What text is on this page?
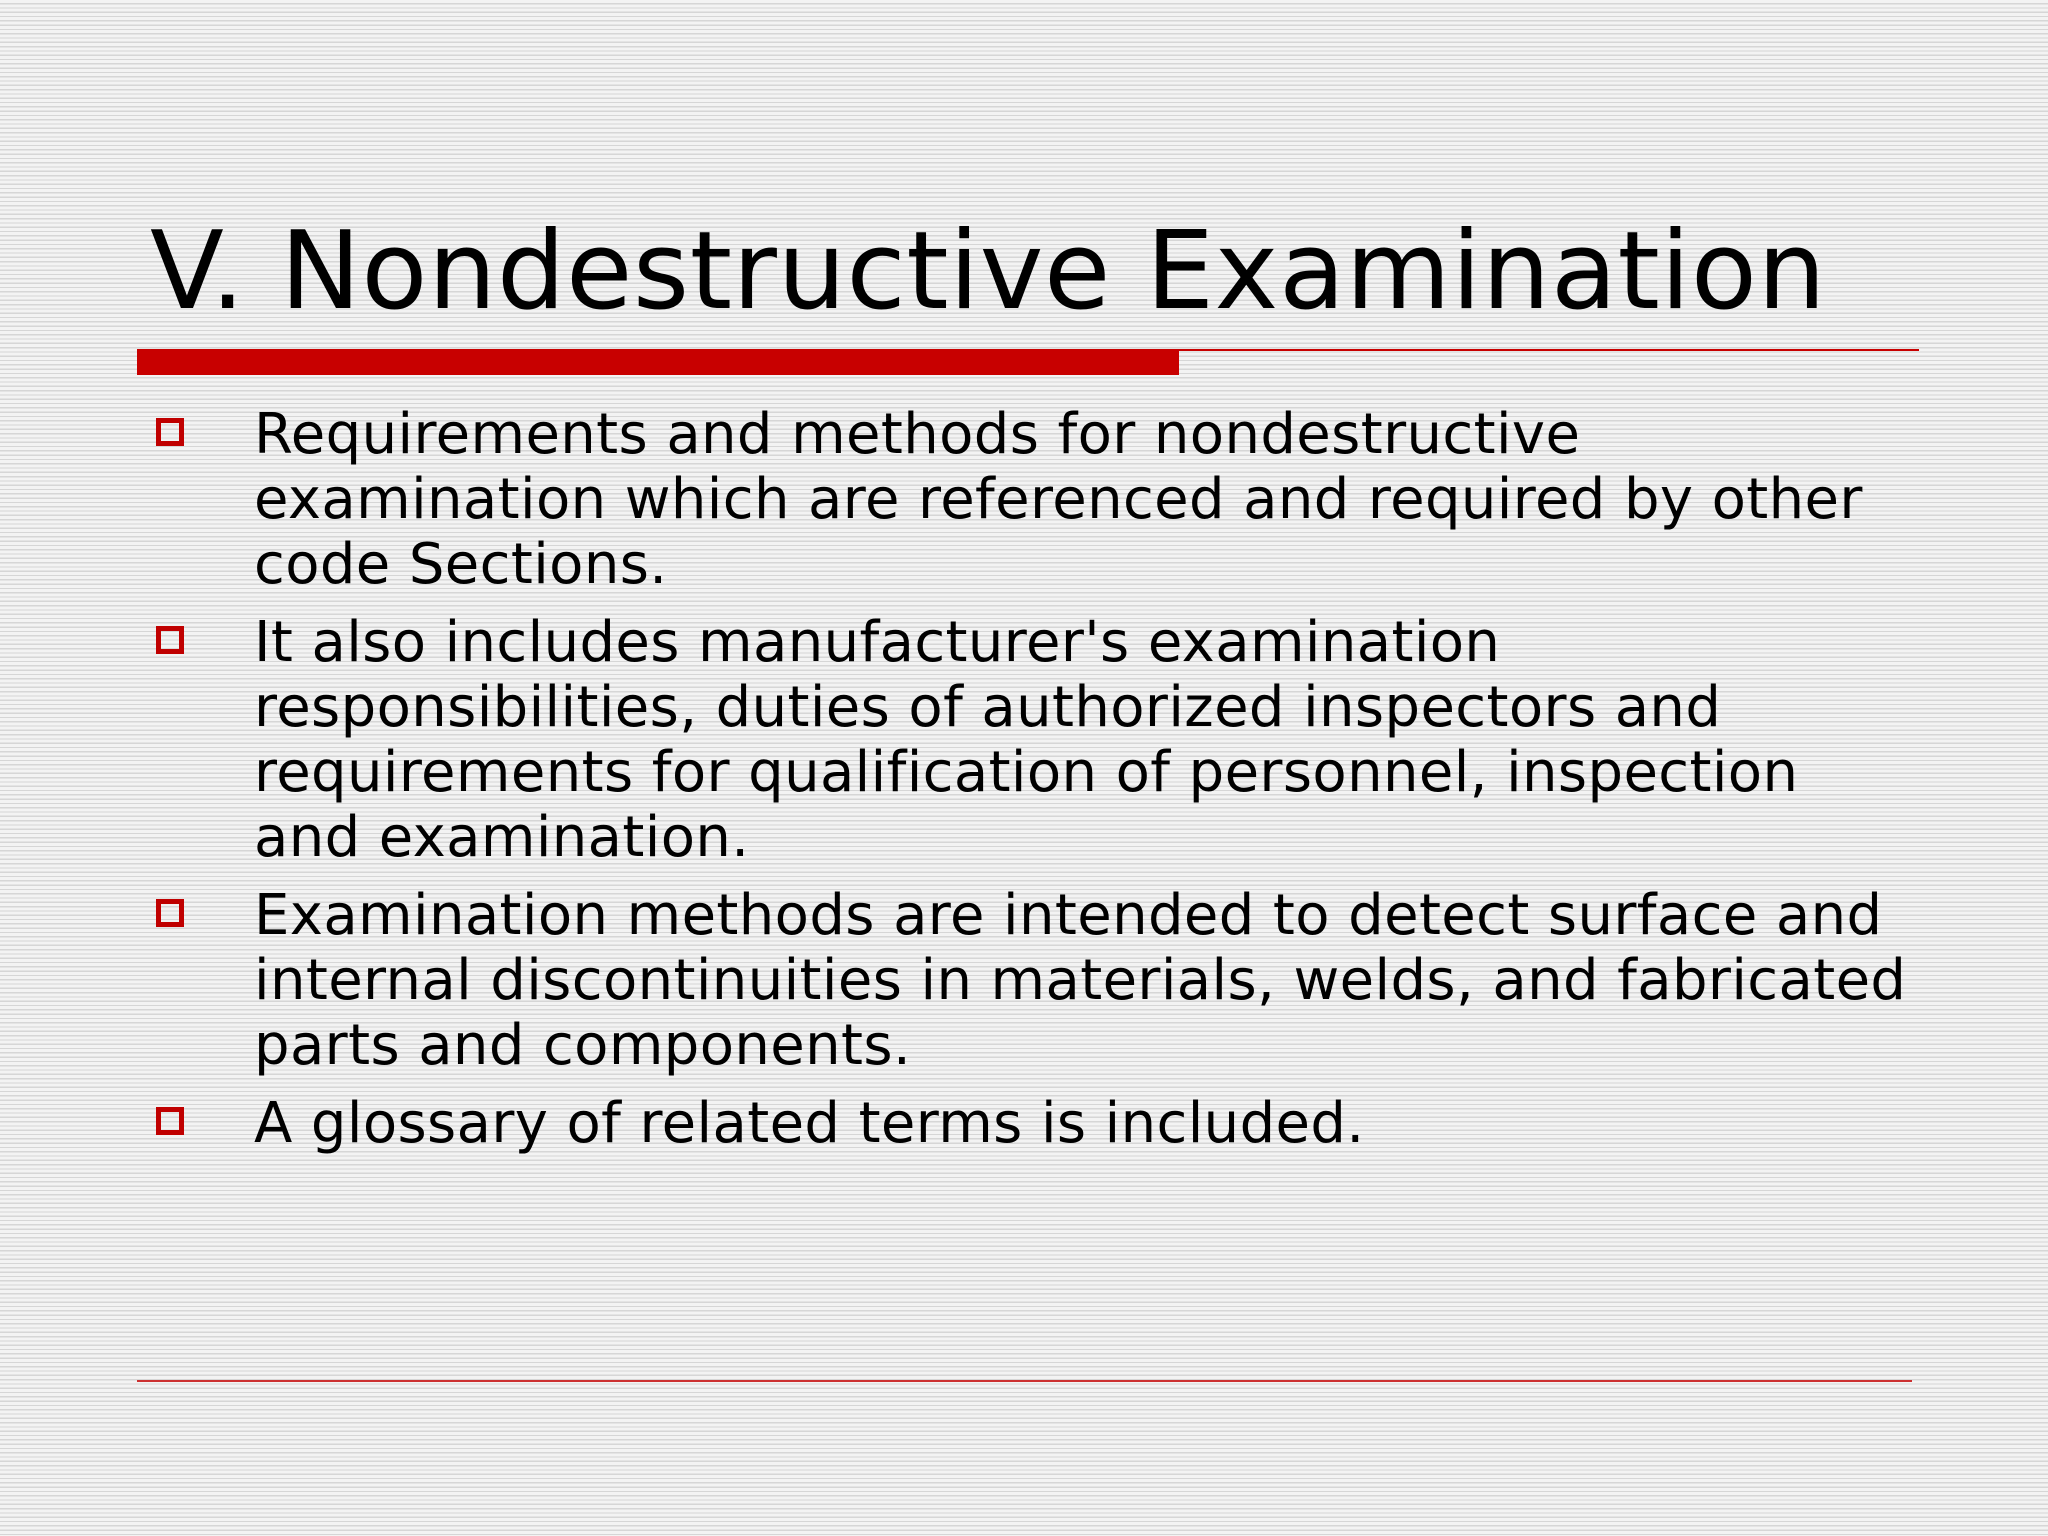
V. Nondestructive Examination
Requirements and methods for nondestructive examination which are referenced and required by other code Sections.
It also includes manufacturer's examination responsibilities, duties of authorized inspectors and requirements for qualification of personnel, inspection and examination.
Examination methods are intended to detect surface and internal discontinuities in materials, welds, and fabricated parts and components.
A glossary of related terms is included.
